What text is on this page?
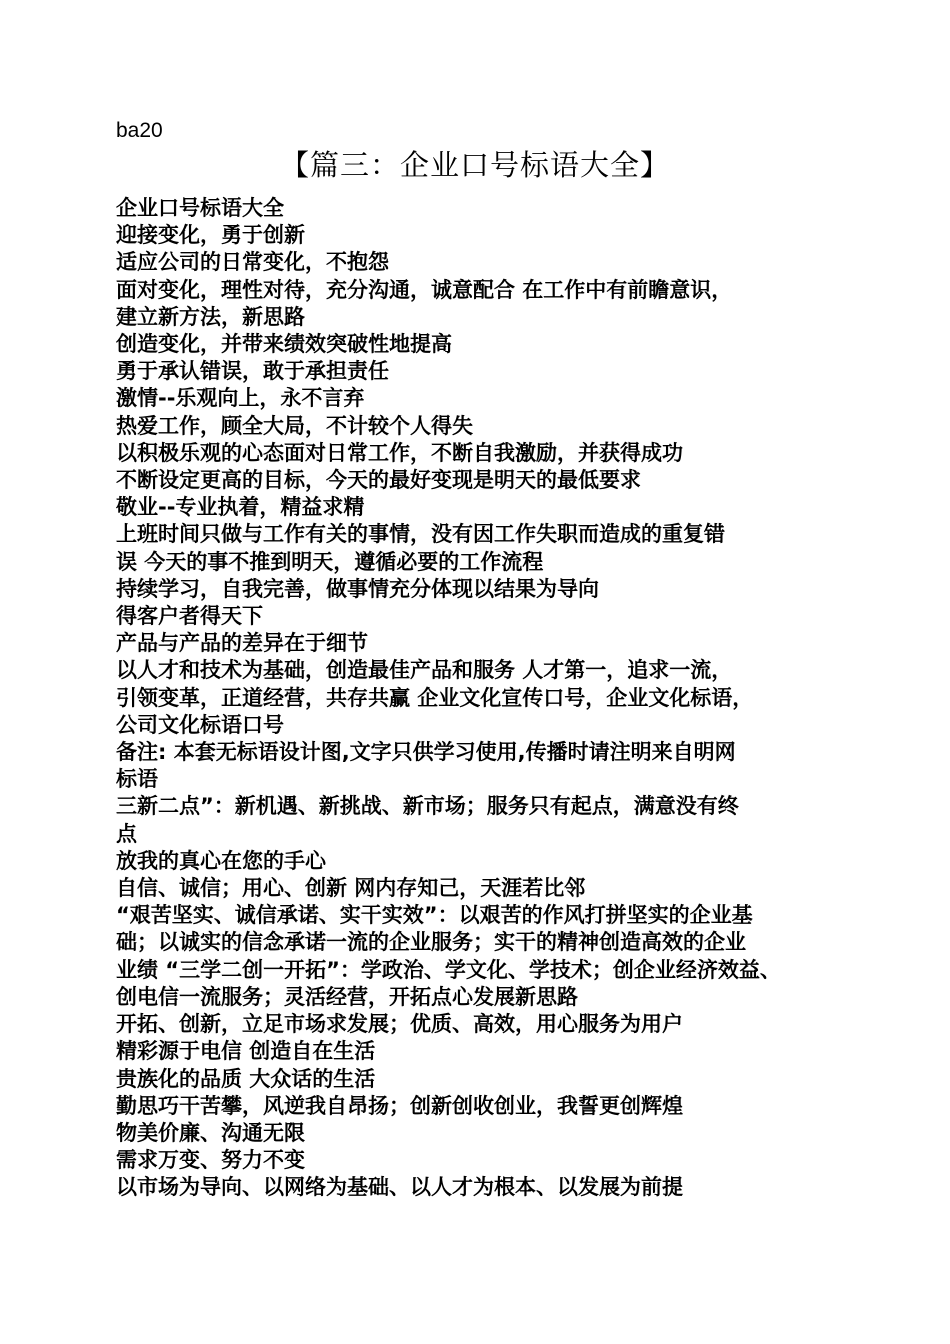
ba20
【篇三：企业口号标语大全】
企业口号标语大全
迎接变化，勇于创新
适应公司的日常变化，不抱怨
面对变化，理性对待，充分沟通，诚意配合 在工作中有前瞻意识，
建立新方法，新思路
创造变化，并带来绩效突破性地提高
勇于承认错误，敢于承担责任
激情--乐观向上，永不言弃
热爱工作，顾全大局，不计较个人得失
以积极乐观的心态面对日常工作，不断自我激励，并获得成功
不断设定更高的目标，今天的最好变现是明天的最低要求
敬业--专业执着，精益求精
上班时间只做与工作有关的事情，没有因工作失职而造成的重复错
误 今天的事不推到明天，遵循必要的工作流程
持续学习，自我完善，做事情充分体现以结果为导向
得客户者得天下
产品与产品的差异在于细节
以人才和技术为基础，创造最佳产品和服务 人才第一，追求一流，
引领变革，正道经营，共存共赢 企业文化宣传口号，企业文化标语，
公司文化标语口号
备注: 本套无标语设计图,文字只供学习使用,传播时请注明来自明网
标语
三新二点”：新机遇、新挑战、新市场；服务只有起点，满意没有终
点
放我的真心在您的手心
自信、诚信；用心、创新 网内存知己，天涯若比邻
“艰苦坚实、诚信承诺、实干实效”：以艰苦的作风打拼坚实的企业基
础；以诚实的信念承诺一流的企业服务；实干的精神创造高效的企业
业绩 “三学二创一开拓”：学政治、学文化、学技术；创企业经济效益、
创电信一流服务；灵活经营，开拓点心发展新思路
开拓、创新，立足市场求发展；优质、高效，用心服务为用户
精彩源于电信 创造自在生活
贵族化的品质 大众话的生活
勤思巧干苦攀，风逆我自昂扬；创新创收创业，我誓更创辉煌
物美价廉、沟通无限
需求万变、努力不变
以市场为导向、以网络为基础、以人才为根本、以发展为前提
